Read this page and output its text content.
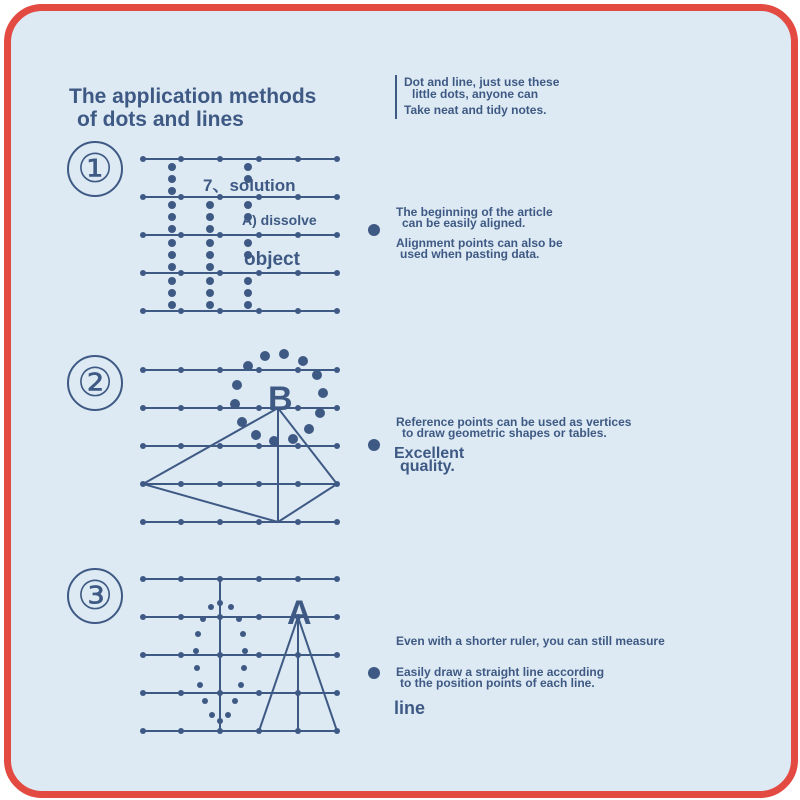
The application methods
of dots and lines
Dot and line, just use these
little dots, anyone can
Take neat and tidy notes.
①	7、solution
A) dissolve
object
The beginning of the article
can be easily aligned.
Alignment points can also be
used when pasting data.
②	B
Reference points can be used as vertices
to draw geometric shapes or tables.
Excellent
quality.
③	A
Even with a shorter ruler, you can still measure
Easily draw a straight line according
to the position points of each line.
line
